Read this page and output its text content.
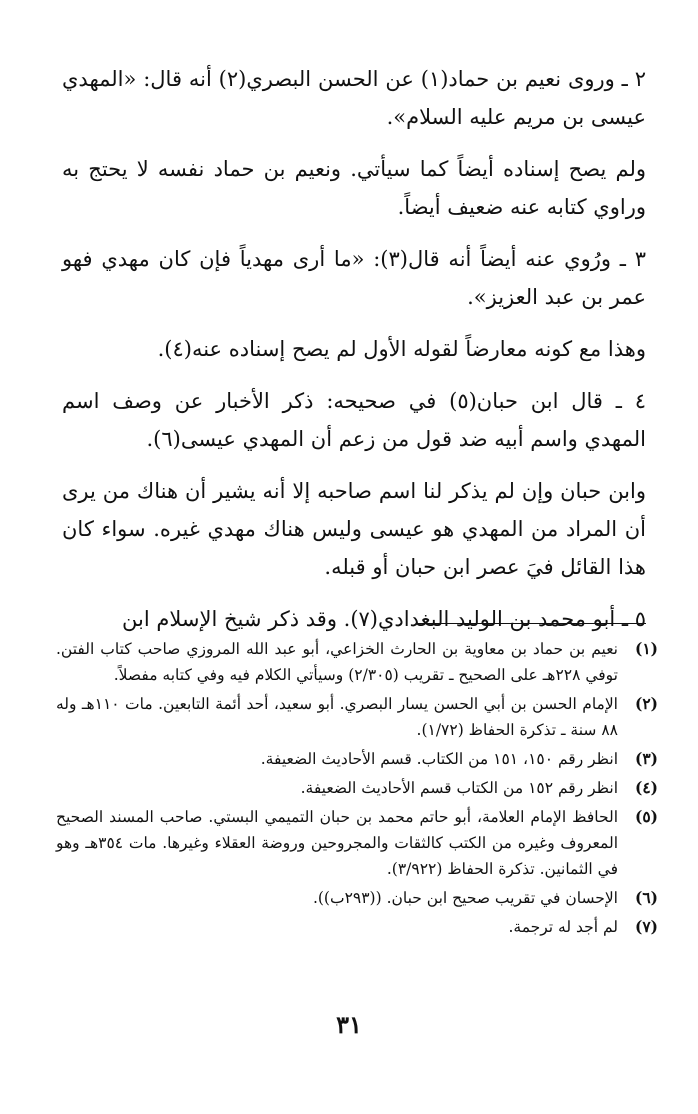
٢ ـ وروى نعيم بن حماد(١) عن الحسن البصري(٢) أنه قال: «المهدي عيسى بن مريم عليه السلام».

ولم يصح إسناده أيضاً كما سيأتي. ونعيم بن حماد نفسه لا يحتج به وراوي كتابه عنه ضعيف أيضاً.

٣ ـ ورُوي عنه أيضاً أنه قال(٣): «ما أرى مهدياً فإن كان مهدي فهو عمر بن عبد العزيز».

وهذا مع كونه معارضاً لقوله الأول لم يصح إسناده عنه(٤).

٤ ـ قال ابن حبان(٥) في صحيحه: ذكر الأخبار عن وصف اسم المهدي واسم أبيه ضد قول من زعم أن المهدي عيسى(٦).

وابن حبان وإن لم يذكر لنا اسم صاحبه إلا أنه يشير أن هناك من يرى أن المراد من المهدي هو عيسى وليس هناك مهدي غيره. سواء كان هذا القائل فيَ عصر ابن حبان أو قبله.

٥ ـ أبو محمد بن الوليد البغدادي(٧). وقد ذكر شيخ الإسلام ابن

(١)
نعيم بن حماد بن معاوية بن الحارث الخزاعي، أبو عبد الله المروزي صاحب كتاب الفتن. توفي ٢٢٨هـ على الصحيح ـ تقريب (٢/٣٠٥) وسيأتي الكلام فيه وفي كتابه مفصلاً.
(٢)
الإمام الحسن بن أبي الحسن يسار البصري. أبو سعيد، أحد أئمة التابعين. مات ١١٠هـ وله ٨٨ سنة ـ تذكرة الحفاظ (١/٧٢).
(٣)
انظر رقم ١٥٠، ١٥١ من الكتاب. قسم الأحاديث الضعيفة.
(٤)
انظر رقم ١٥٢ من الكتاب قسم الأحاديث الضعيفة.
(٥)
الحافظ الإمام العلامة، أبو حاتم محمد بن حبان التميمي البستي. صاحب المسند الصحيح المعروف وغيره من الكتب كالثقات والمجروحين وروضة العقلاء وغيرها. مات ٣٥٤هـ وهو في الثمانين. تذكرة الحفاظ (٣/٩٢٢).
(٦)
الإحسان في تقريب صحيح ابن حبان. ((٢٩٣ب)).
(٧)
لم أجد له ترجمة.
٣١
